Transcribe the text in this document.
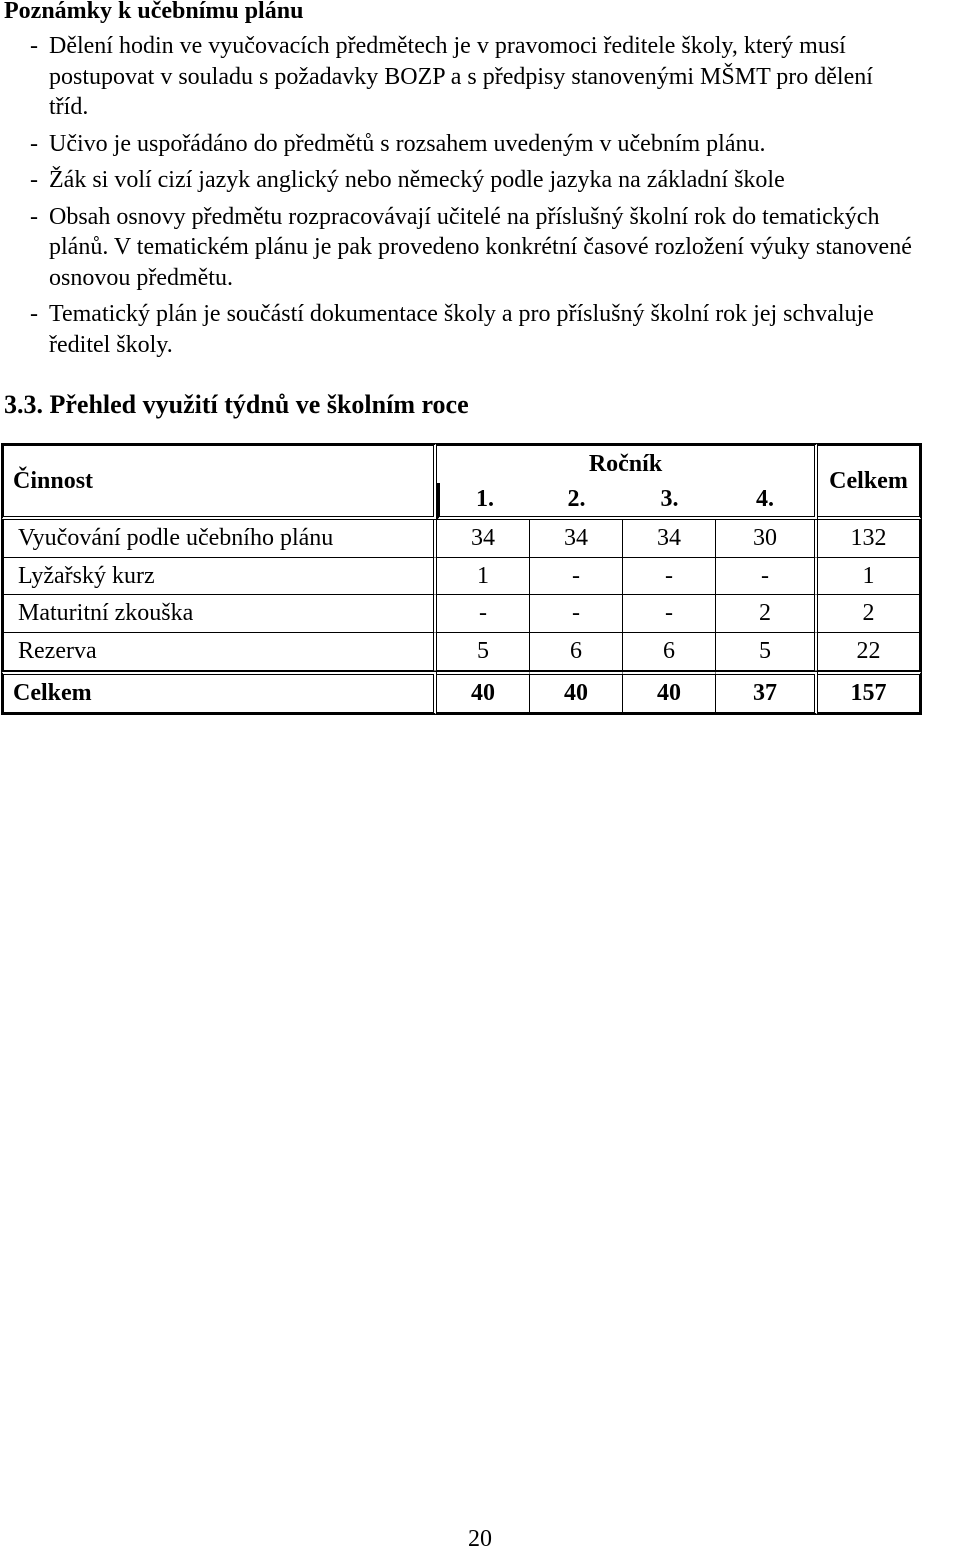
Poznámky k učebnímu plánu
- Dělení hodin ve vyučovacích předmětech je v pravomoci ředitele školy, který musí
postupovat v souladu s požadavky BOZP a s předpisy stanovenými MŠMT pro dělení
tříd.
- Učivo je uspořádáno do předmětů s rozsahem uvedeným v učebním plánu.
- Žák si volí cizí jazyk anglický nebo německý podle jazyka na základní škole
- Obsah osnovy předmětu rozpracovávají učitelé na příslušný školní rok do tematických
plánů. V tematickém plánu je pak provedeno konkrétní časové rozložení výuky stanovené
osnovou předmětu.
- Tematický plán je součástí dokumentace školy a pro příslušný školní rok jej schvaluje
ředitel školy.
3.3. Přehled využití týdnů ve školním roce
Činnost	Ročník				Celkem
	1.	2.	3.	4.	
Vyučování podle učebního plánu	34	34	34	30	132
Lyžařský kurz	1	-	-	-	1
Maturitní zkouška	-	-	-	2	2
Rezerva	5	6	6	5	22
Celkem	40	40	40	37	157
20
